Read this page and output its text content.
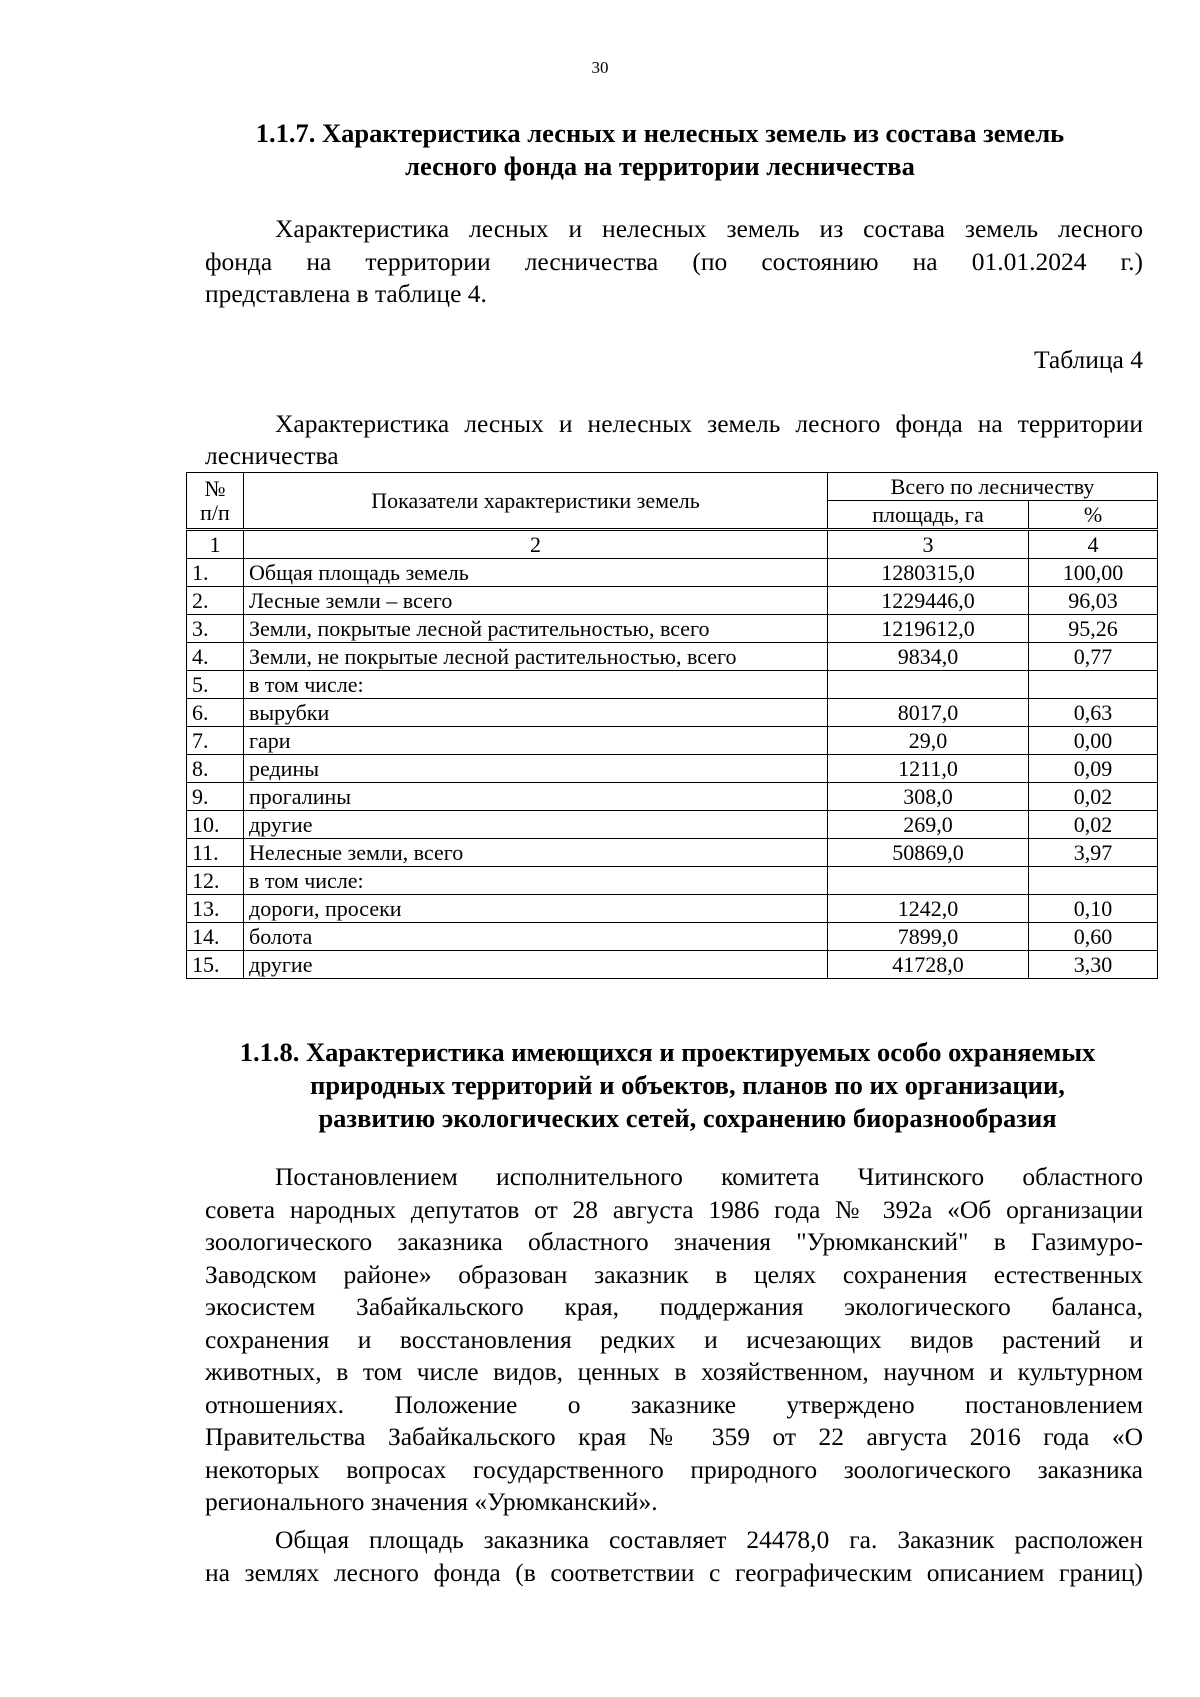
30
1.1.7. Характеристика лесных и нелесных земель из состава земель
лесного фонда на территории лесничества
Характеристика лесных и нелесных земель из состава земель лесного
фонда на территории лесничества (по состоянию на 01.01.2024 г.)
представлена в таблице 4.
Таблица 4
Характеристика лесных и нелесных земель лесного фонда на территории
лесничества
№
п/п	Показатели характеристики земель	Всего по лесничеству	
		площадь, га	%
1	2	3	4
1.	Общая площадь земель	1280315,0	100,00
2.	Лесные земли – всего	1229446,0	96,03
3.	Земли, покрытые лесной растительностью, всего	1219612,0	95,26
4.	Земли, не покрытые лесной растительностью, всего	9834,0	0,77
5.	в том числе:		
6.	вырубки	8017,0	0,63
7.	гари	29,0	0,00
8.	редины	1211,0	0,09
9.	прогалины	308,0	0,02
10.	другие	269,0	0,02
11.	Нелесные земли, всего	50869,0	3,97
12.	в том числе:		
13.	дороги, просеки	1242,0	0,10
14.	болота	7899,0	0,60
15.	другие	41728,0	3,30
1.1.8. Характеристика имеющихся и проектируемых особо охраняемых
природных территорий и объектов, планов по их организации,
развитию экологических сетей, сохранению биоразнообразия
Постановлением исполнительного комитета Читинского областного
совета народных депутатов от 28 августа 1986 года № 392а «Об организации
зоологического заказника областного значения "Урюмканский" в Газимуро-
Заводском районе» образован заказник в целях сохранения естественных
экосистем Забайкальского края, поддержания экологического баланса,
сохранения и восстановления редких и исчезающих видов растений и
животных, в том числе видов, ценных в хозяйственном, научном и культурном
отношениях. Положение о заказнике утверждено постановлением
Правительства Забайкальского края № 359 от 22 августа 2016 года «О
некоторых вопросах государственного природного зоологического заказника
регионального значения «Урюмканский».
Общая площадь заказника составляет 24478,0 га. Заказник расположен
на землях лесного фонда (в соответствии с географическим описанием границ)
